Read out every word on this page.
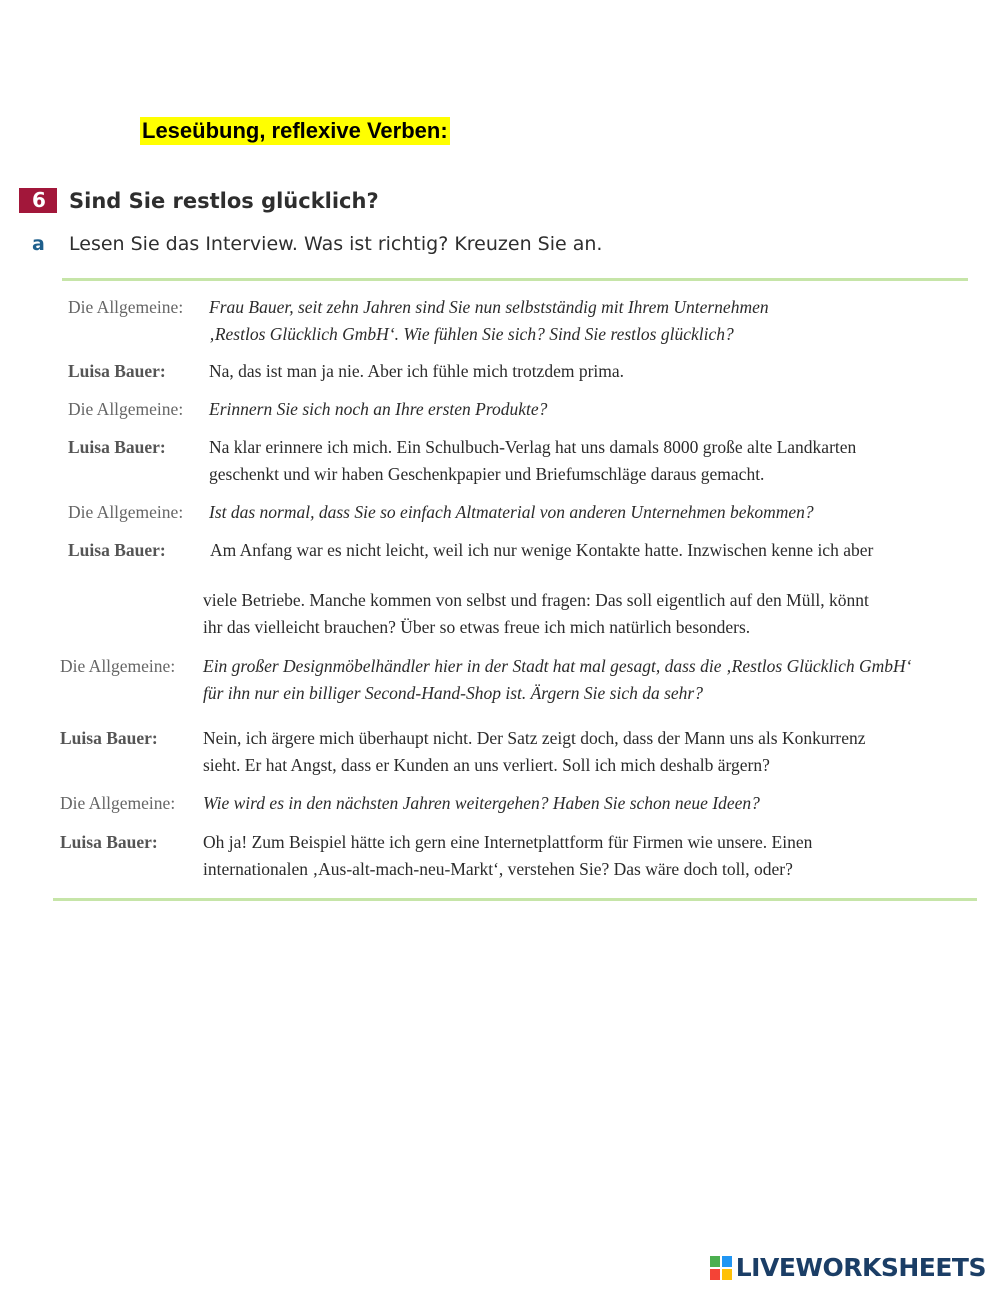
Leseübung, reflexive Verben:
6	Sind Sie restlos glücklich?
a	Lesen Sie das Interview. Was ist richtig? Kreuzen Sie an.
Die Allgemeine:	Frau Bauer, seit zehn Jahren sind Sie nun selbstständig mit Ihrem Unternehmen
‚Restlos Glücklich GmbH‘. Wie fühlen Sie sich? Sind Sie restlos glücklich?
Luisa Bauer:	Na, das ist man ja nie. Aber ich fühle mich trotzdem prima.
Die Allgemeine:	Erinnern Sie sich noch an Ihre ersten Produkte?
Luisa Bauer:	Na klar erinnere ich mich. Ein Schulbuch-Verlag hat uns damals 8000 große alte Landkarten
geschenkt und wir haben Geschenkpapier und Briefumschläge daraus gemacht.
Die Allgemeine:	Ist das normal, dass Sie so einfach Altmaterial von anderen Unternehmen bekommen?
Luisa Bauer:	Am Anfang war es nicht leicht, weil ich nur wenige Kontakte hatte. Inzwischen kenne ich aber
viele Betriebe. Manche kommen von selbst und fragen: Das soll eigentlich auf den Müll, könnt
ihr das vielleicht brauchen? Über so etwas freue ich mich natürlich besonders.
Die Allgemeine:	Ein großer Designmöbelhändler hier in der Stadt hat mal gesagt, dass die ‚Restlos Glücklich GmbH‘
für ihn nur ein billiger Second-Hand-Shop ist. Ärgern Sie sich da sehr?
Luisa Bauer:	Nein, ich ärgere mich überhaupt nicht. Der Satz zeigt doch, dass der Mann uns als Konkurrenz
sieht. Er hat Angst, dass er Kunden an uns verliert. Soll ich mich deshalb ärgern?
Die Allgemeine:	Wie wird es in den nächsten Jahren weitergehen? Haben Sie schon neue Ideen?
Luisa Bauer:	Oh ja! Zum Beispiel hätte ich gern eine Internetplattform für Firmen wie unsere. Einen
internationalen ‚Aus-alt-mach-neu-Markt‘, verstehen Sie? Das wäre doch toll, oder?
LIVEWORKSHEETS
